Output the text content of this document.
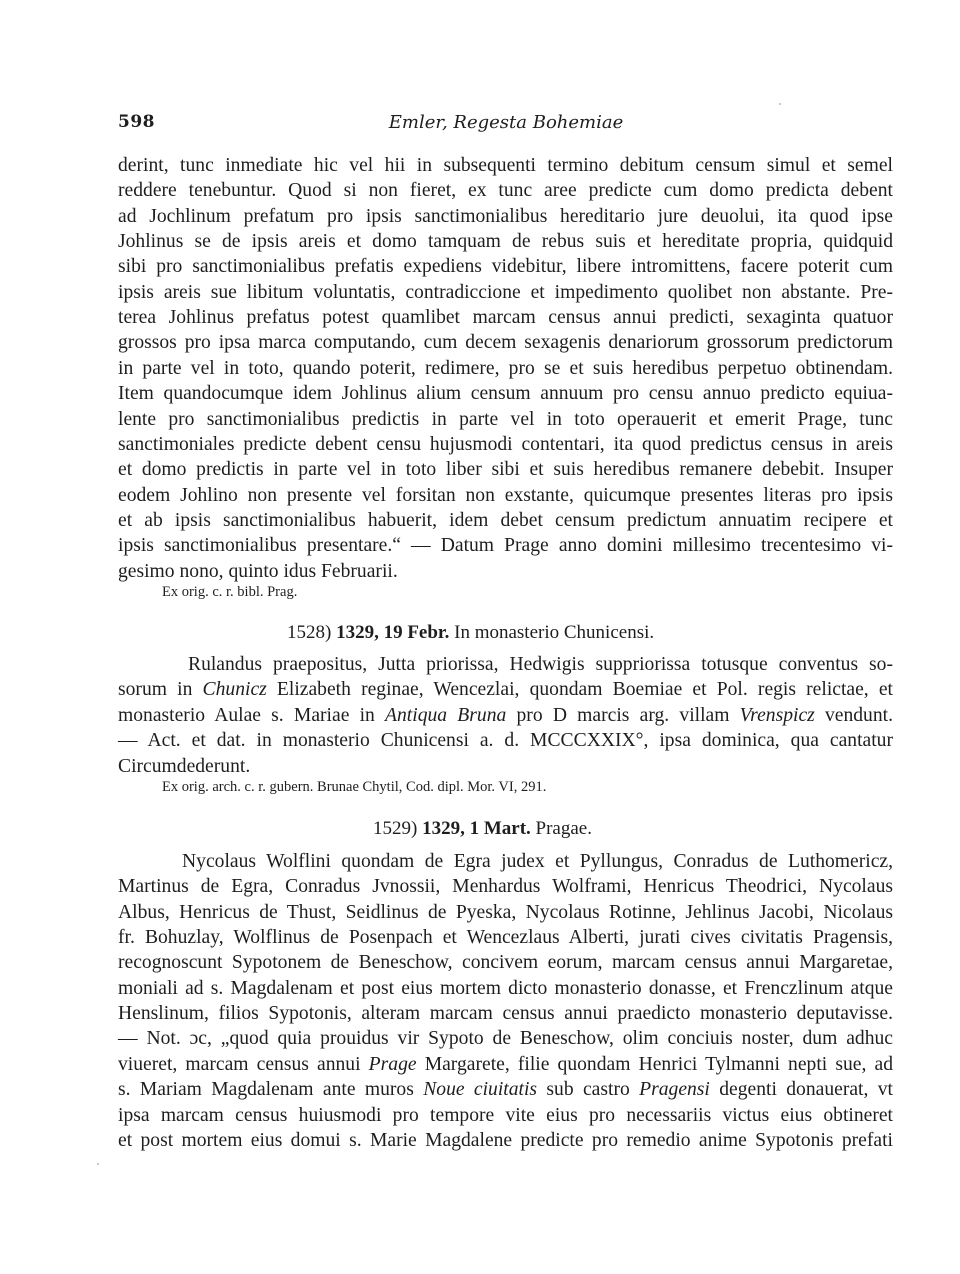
598	Emler, Regesta Bohemiae
derint, tunc inmediate hic vel hii in subsequenti termino debitum censum simul et semel
reddere tenebuntur. Quod si non fieret, ex tunc aree predicte cum domo predicta debent
ad Jochlinum prefatum pro ipsis sanctimonialibus hereditario jure deuolui, ita quod ipse
Johlinus se de ipsis areis et domo tamquam de rebus suis et hereditate propria, quidquid
sibi pro sanctimonialibus prefatis expediens videbitur, libere intromittens, facere poterit cum
ipsis areis sue libitum voluntatis, contradiccione et impedimento quolibet non abstante. Pre-
terea Johlinus prefatus potest quamlibet marcam census annui predicti, sexaginta quatuor
grossos pro ipsa marca computando, cum decem sexagenis denariorum grossorum predictorum
in parte vel in toto, quando poterit, redimere, pro se et suis heredibus perpetuo obtinendam.
Item quandocumque idem Johlinus alium censum annuum pro censu annuo predicto equiua-
lente pro sanctimonialibus predictis in parte vel in toto operauerit et emerit Prage, tunc
sanctimoniales predicte debent censu hujusmodi contentari, ita quod predictus census in areis
et domo predictis in parte vel in toto liber sibi et suis heredibus remanere debebit. Insuper
eodem Johlino non presente vel forsitan non exstante, quicumque presentes literas pro ipsis
et ab ipsis sanctimonialibus habuerit, idem debet censum predictum annuatim recipere et
ipsis sanctimonialibus presentare.“ — Datum Prage anno domini millesimo trecentesimo vi-
gesimo nono, quinto idus Februarii.
Ex orig. c. r. bibl. Prag.
1528) 1329, 19 Febr. In monasterio Chunicensi.
Rulandus praepositus, Jutta priorissa, Hedwigis suppriorissa totusque conventus so-
sorum in Chunicz Elizabeth reginae, Wencezlai, quondam Boemiae et Pol. regis relictae, et
monasterio Aulae s. Mariae in Antiqua Bruna pro D marcis arg. villam Vrenspicz vendunt.
— Act. et dat. in monasterio Chunicensi a. d. MCCCXXIX°, ipsa dominica, qua cantatur
Circumdederunt.
Ex orig. arch. c. r. gubern. Brunae Chytil, Cod. dipl. Mor. VI, 291.
1529) 1329, 1 Mart. Pragae.
Nycolaus Wolflini quondam de Egra judex et Pyllungus, Conradus de Luthomericz,
Martinus de Egra, Conradus Jvnossii, Menhardus Wolframi, Henricus Theodrici, Nycolaus
Albus, Henricus de Thust, Seidlinus de Pyeska, Nycolaus Rotinne, Jehlinus Jacobi, Nicolaus
fr. Bohuzlay, Wolflinus de Posenpach et Wencezlaus Alberti, jurati cives civitatis Pragensis,
recognoscunt Sypotonem de Beneschow, concivem eorum, marcam census annui Margaretae,
moniali ad s. Magdalenam et post eius mortem dicto monasterio donasse, et Frenczlinum atque
Henslinum, filios Sypotonis, alteram marcam census annui praedicto monasterio deputavisse.
— Not. ɔc, „quod quia prouidus vir Sypoto de Beneschow, olim conciuis noster, dum adhuc
viueret, marcam census annui Prage Margarete, filie quondam Henrici Tylmanni nepti sue, ad
s. Mariam Magdalenam ante muros Noue ciuitatis sub castro Pragensi degenti donauerat, vt
ipsa marcam census huiusmodi pro tempore vite eius pro necessariis victus eius obtineret
et post mortem eius domui s. Marie Magdalene predicte pro remedio anime Sypotonis prefati
